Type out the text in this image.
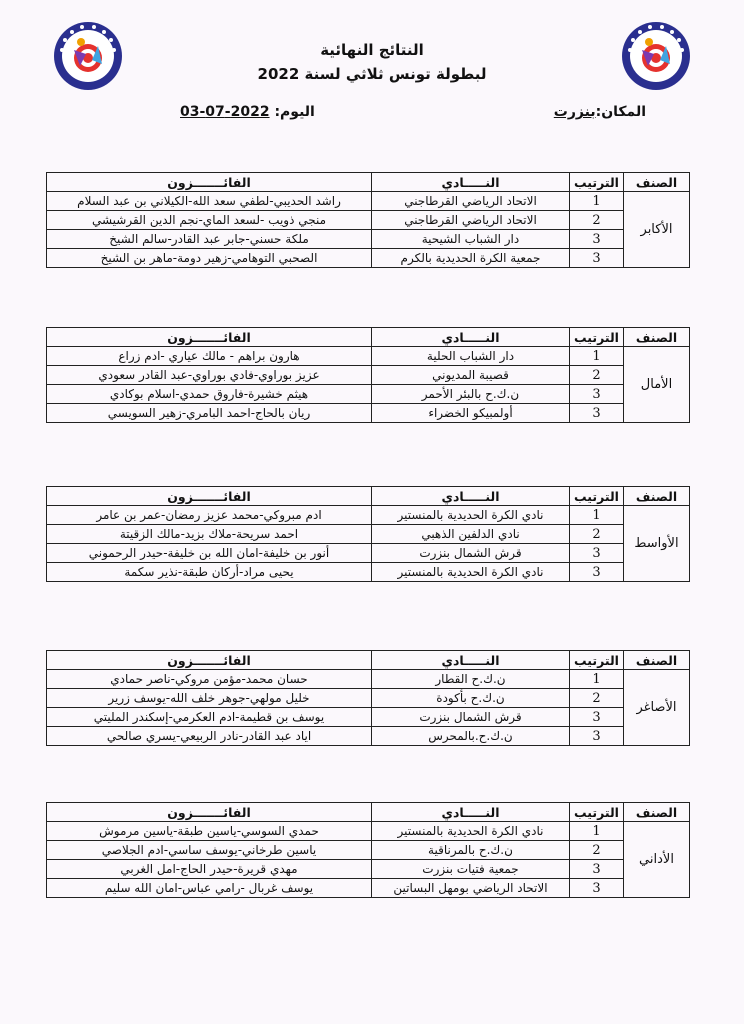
النتائج النهائية
لبطولة تونس ثلاثي لسنة 2022
المكان:بنزرت
اليوم: 2022-07-03
الصنف	الترتيب	النـــــادي	الفائـــــــزون
الأكابر	1	الاتحاد الرياضي القرطاجني	راشد الحديبي-لطفي سعد الله-الكيلاني بن عبد السلام
	2	الاتحاد الرياضي القرطاجني	منجي ذويب -لسعد الماي-نجم الدين القرشيشي
	3	دار الشباب الشيحية	ملكة حسني-جابر عبد القادر-سالم الشيخ
	3	جمعية الكرة الحديدية بالكرم	الصحبي التوهامي-زهير دومة-ماهر بن الشيخ
الصنف	الترتيب	النـــــادي	الفائـــــــزون
الأمال	1	دار الشباب الحلية	هارون براهم - مالك عياري -ادم زراع
	2	قصيبة المديوني	عزيز بوراوي-فادي بوراوي-عبد القادر سعودي
	3	ن.ك.ح بالبئر الأحمر	هيثم خشيرة-فاروق حمدي-اسلام بوكادي
	3	أولمبيكو الخضراء	ريان بالحاج-احمد البامري-زهير السويسي
الصنف	الترتيب	النـــــادي	الفائـــــــزون
الأواسط	1	نادي الكرة الحديدية بالمنستير	ادم مبروكي-محمد عزيز رمضان-عمر بن عامر
	2	نادي الدلفين الذهبي	احمد سريحة-ملاك بزيد-مالك الزقيتة
	3	قرش الشمال بنزرت	أنور بن خليفة-امان الله بن خليفة-حيدر الرحموني
	3	نادي الكرة الحديدية بالمنستير	يحيى مراد-أركان طبقة-نذير سكمة
الصنف	الترتيب	النـــــادي	الفائـــــــزون
الأصاغر	1	ن.ك.ح القطار	حسان محمد-مؤمن مروكي-ناصر حمادي
	2	ن.ك.ح بأكودة	خليل مولهي-جوهر خلف الله-يوسف زرير
	3	قرش الشمال بنزرت	يوسف بن قطيمة-ادم العكرمي-إسكندر المليتي
	3	ن.ك.ح.بالمحرس	اياد عبد القادر-نادر الربيعي-يسري صالحي
الصنف	الترتيب	النـــــادي	الفائـــــــزون
الأداني	1	نادي الكرة الحديدية بالمنستير	حمدي السوسي-ياسين طبقة-ياسين مرموش
	2	ن.ك.ح بالمرناقية	ياسين طرخاني-يوسف ساسي-ادم الجلاصي
	3	جمعية فتيات بنزرت	مهدي قريرة-حيدر الحاج-امل الغربي
	3	الاتحاد الرياضي بومهل البساتين	يوسف غربال -رامي عباس-امان الله سليم
